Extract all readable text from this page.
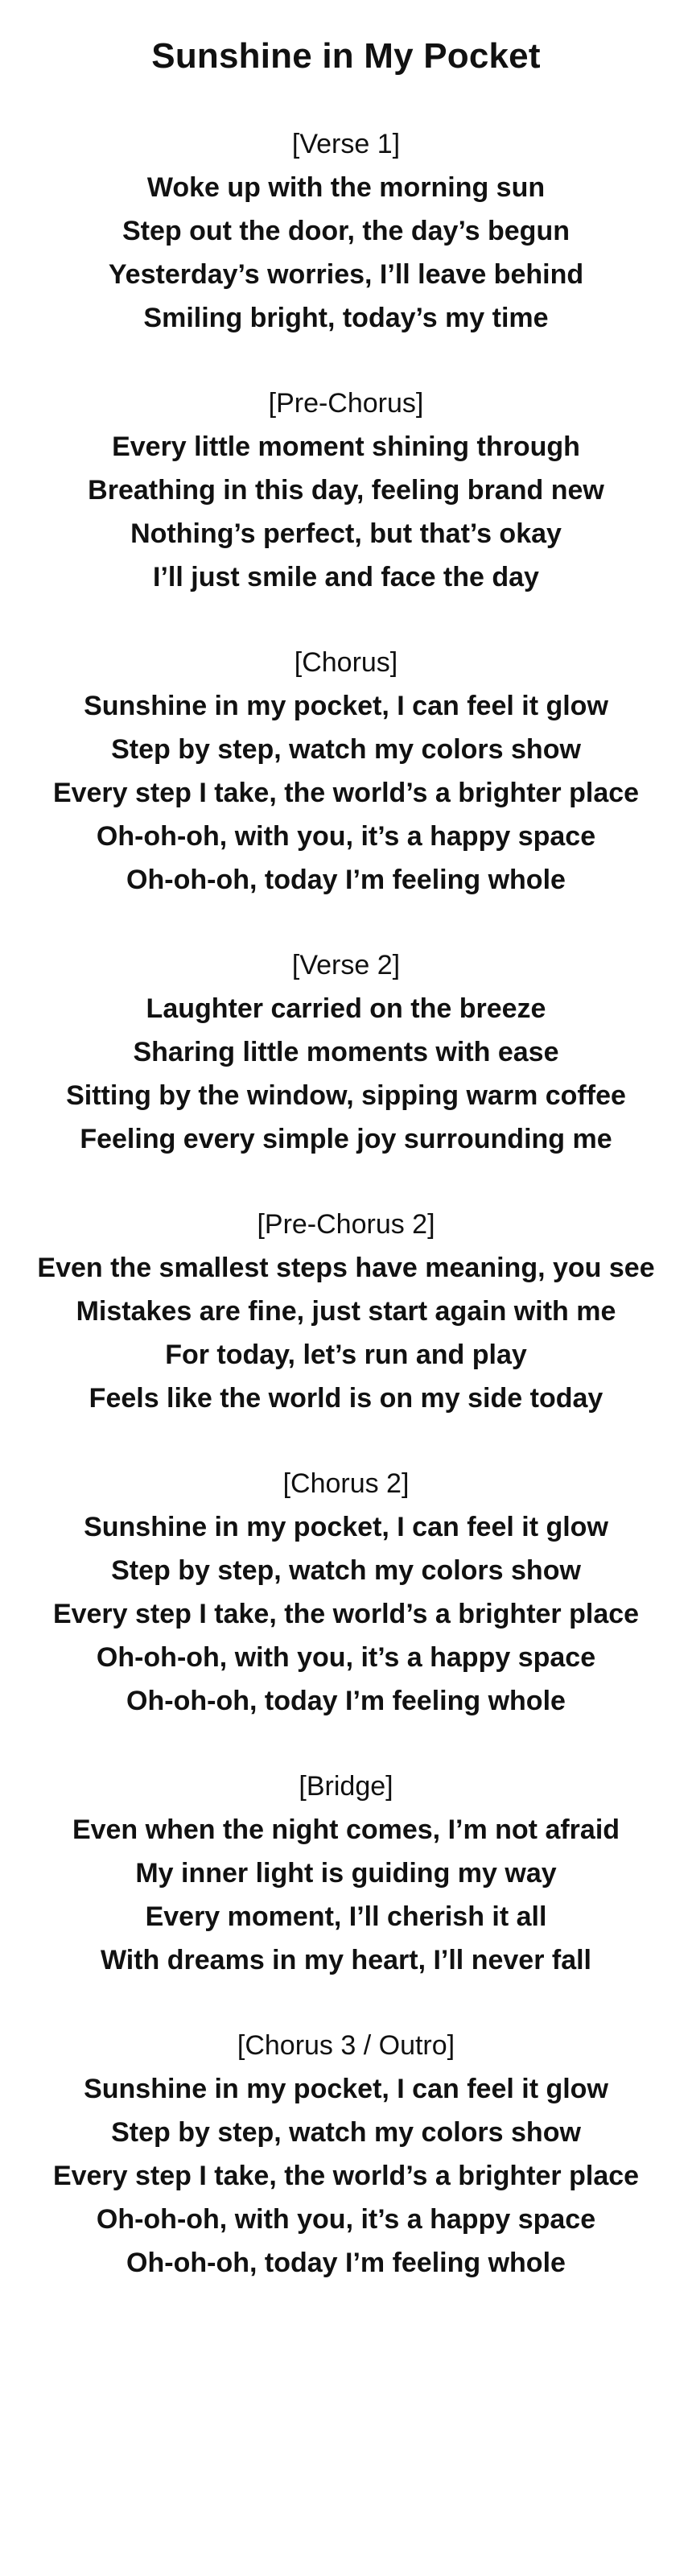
Sunshine in My Pocket

[Verse 1]

Woke up with the morning sun

Step out the door, the day’s begun

Yesterday’s worries, I’ll leave behind

Smiling bright, today’s my time

[Pre-Chorus]

Every little moment shining through

Breathing in this day, feeling brand new

Nothing’s perfect, but that’s okay

I’ll just smile and face the day

[Chorus]

Sunshine in my pocket, I can feel it glow

Step by step, watch my colors show

Every step I take, the world’s a brighter place

Oh-oh-oh, with you, it’s a happy space

Oh-oh-oh, today I’m feeling whole

[Verse 2]

Laughter carried on the breeze

Sharing little moments with ease

Sitting by the window, sipping warm coffee

Feeling every simple joy surrounding me

[Pre-Chorus 2]

Even the smallest steps have meaning, you see

Mistakes are fine, just start again with me

For today, let’s run and play

Feels like the world is on my side today

[Chorus 2]

Sunshine in my pocket, I can feel it glow

Step by step, watch my colors show

Every step I take, the world’s a brighter place

Oh-oh-oh, with you, it’s a happy space

Oh-oh-oh, today I’m feeling whole

[Bridge]

Even when the night comes, I’m not afraid

My inner light is guiding my way

Every moment, I’ll cherish it all

With dreams in my heart, I’ll never fall

[Chorus 3 / Outro]

Sunshine in my pocket, I can feel it glow

Step by step, watch my colors show

Every step I take, the world’s a brighter place

Oh-oh-oh, with you, it’s a happy space

Oh-oh-oh, today I’m feeling whole
